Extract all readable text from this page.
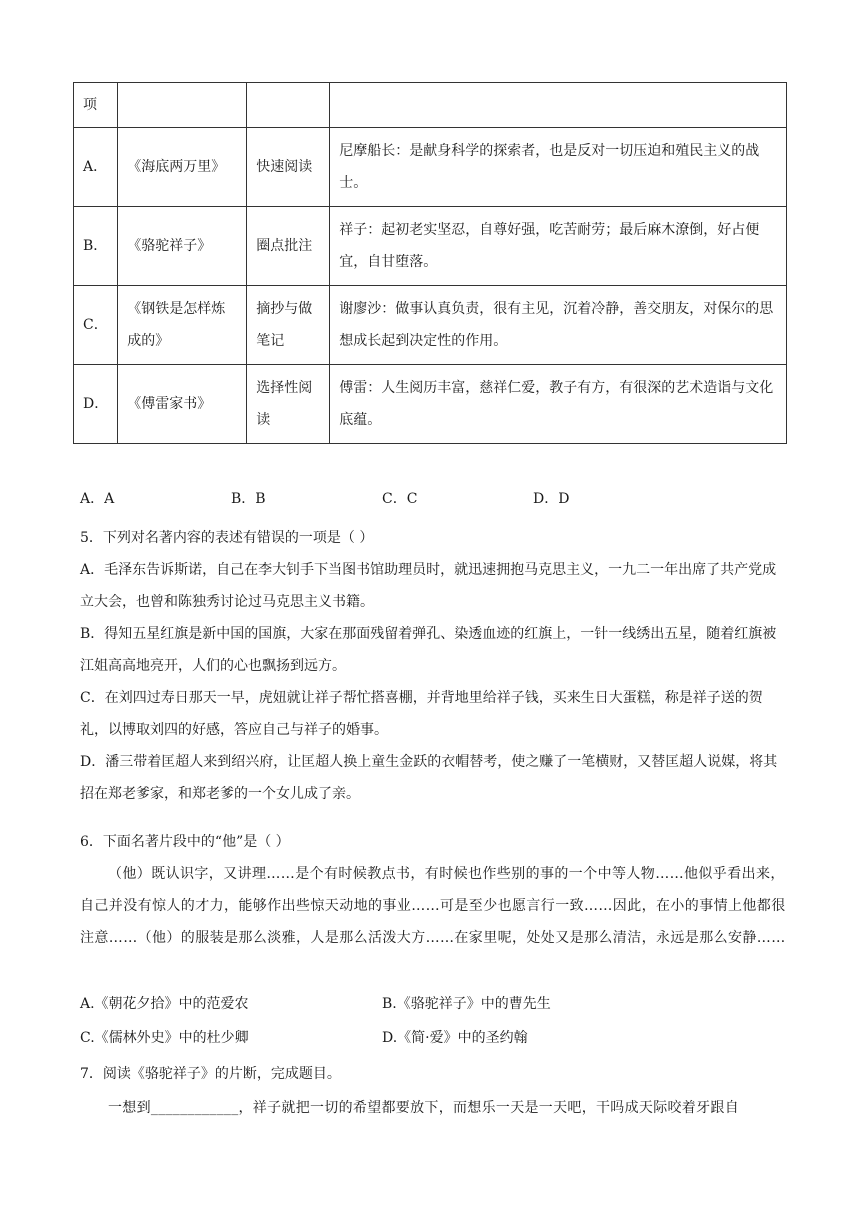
项			
A．	《海底两万里》	快速阅读	尼摩船长：是献身科学的探索者，也是反对一切压迫和殖民主义的战士。
B．	《骆驼祥子》	圈点批注	祥子：起初老实坚忍，自尊好强，吃苦耐劳；最后麻木潦倒，好占便宜，自甘堕落。
C．	《钢铁是怎样炼成的》	摘抄与做笔记	谢廖沙：做事认真负责，很有主见，沉着冷静，善交朋友，对保尔的思想成长起到决定性的作用。
D．	《傅雷家书》	选择性阅读	傅雷：人生阅历丰富，慈祥仁爱，教子有方，有很深的艺术造诣与文化底蕴。
A．A	B．B	C．C	D．D

5．下列对名著内容的表述有错误的一项是（ ）

A．毛泽东告诉斯诺，自己在李大钊手下当图书馆助理员时，就迅速拥抱马克思主义，一九二一年出席了共产党成立大会，也曾和陈独秀讨论过马克思主义书籍。

B．得知五星红旗是新中国的国旗，大家在那面残留着弹孔、染透血迹的红旗上，一针一线绣出五星，随着红旗被江姐高高地亮开，人们的心也飘扬到远方。

C．在刘四过寿日那天一早，虎妞就让祥子帮忙搭喜棚，并背地里给祥子钱，买来生日大蛋糕，称是祥子送的贺礼，以博取刘四的好感，答应自己与祥子的婚事。

D．潘三带着匡超人来到绍兴府，让匡超人换上童生金跃的衣帽替考，使之赚了一笔横财，又替匡超人说媒，将其招在郑老爹家，和郑老爹的一个女儿成了亲。

6．下面名著片段中的“他”是（ ）

（他）既认识字，又讲理……是个有时候教点书，有时候也作些别的事的一个中等人物……他似乎看出来，自己并没有惊人的才力，能够作出些惊天动地的事业……可是至少也愿言行一致……因此，在小的事情上他都很注意……（他）的服装是那么淡雅，人是那么活泼大方……在家里呢，处处又是那么清洁，永远是那么安静……

A.《朝花夕拾》中的范爱农	B.《骆驼祥子》中的曹先生
C.《儒林外史》中的杜少卿	D.《简·爱》中的圣约翰
7．阅读《骆驼祥子》的片断，完成题目。

一想到____________，祥子就把一切的希望都要放下，而想乐一天是一天吧，干吗成天际咬着牙跟自
